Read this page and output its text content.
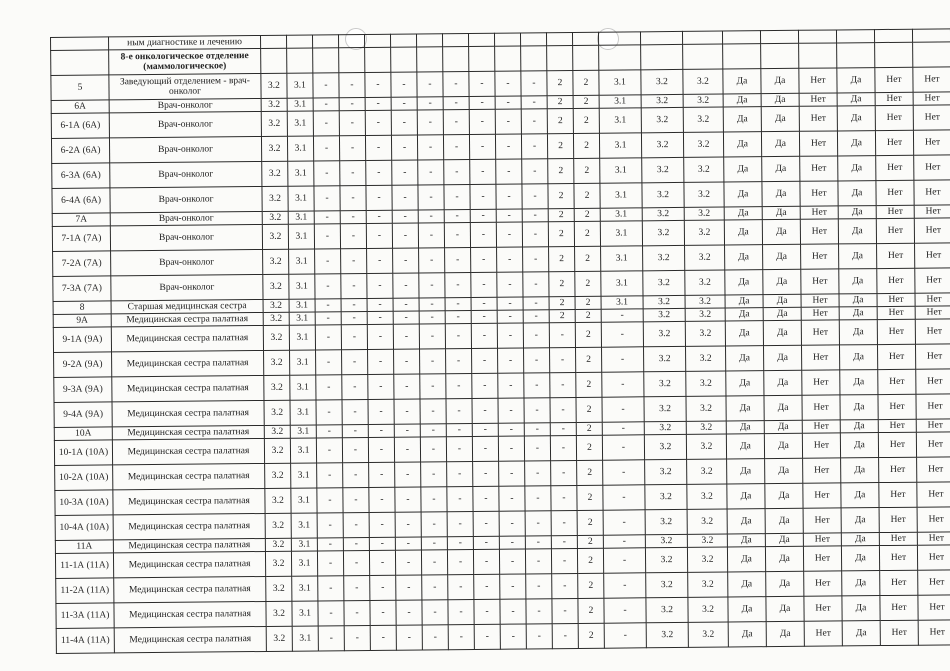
	ным диагностике и лечению																						
	8-е онкологическое отделение (маммологическое)																						
5	Заведующий отделением - врач-онколог	3.2	3.1	-	-	-	-	-	-	-	-	-	2	2	3.1	3.2	3.2	Да	Да	Нет	Да	Нет	Нет
6А	Врач-онколог	3.2	3.1	-	-	-	-	-	-	-	-	-	2	2	3.1	3.2	3.2	Да	Да	Нет	Да	Нет	Нет
6-1А (6А)	Врач-онколог	3.2	3.1	-	-	-	-	-	-	-	-	-	2	2	3.1	3.2	3.2	Да	Да	Нет	Да	Нет	Нет
6-2А (6А)	Врач-онколог	3.2	3.1	-	-	-	-	-	-	-	-	-	2	2	3.1	3.2	3.2	Да	Да	Нет	Да	Нет	Нет
6-3А (6А)	Врач-онколог	3.2	3.1	-	-	-	-	-	-	-	-	-	2	2	3.1	3.2	3.2	Да	Да	Нет	Да	Нет	Нет
6-4А (6А)	Врач-онколог	3.2	3.1	-	-	-	-	-	-	-	-	-	2	2	3.1	3.2	3.2	Да	Да	Нет	Да	Нет	Нет
7А	Врач-онколог	3.2	3.1	-	-	-	-	-	-	-	-	-	2	2	3.1	3.2	3.2	Да	Да	Нет	Да	Нет	Нет
7-1А (7А)	Врач-онколог	3.2	3.1	-	-	-	-	-	-	-	-	-	2	2	3.1	3.2	3.2	Да	Да	Нет	Да	Нет	Нет
7-2А (7А)	Врач-онколог	3.2	3.1	-	-	-	-	-	-	-	-	-	2	2	3.1	3.2	3.2	Да	Да	Нет	Да	Нет	Нет
7-3А (7А)	Врач-онколог	3.2	3.1	-	-	-	-	-	-	-	-	-	2	2	3.1	3.2	3.2	Да	Да	Нет	Да	Нет	Нет
8	Старшая медицинская сестра	3.2	3.1	-	-	-	-	-	-	-	-	-	2	2	3.1	3.2	3.2	Да	Да	Нет	Да	Нет	Нет
9А	Медицинская сестра палатная	3.2	3.1	-	-	-	-	-	-	-	-	-	2	2	-	3.2	3.2	Да	Да	Нет	Да	Нет	Нет
9-1А (9А)	Медицинская сестра палатная	3.2	3.1	-	-	-	-	-	-	-	-	-	-	2	-	3.2	3.2	Да	Да	Нет	Да	Нет	Нет
9-2А (9А)	Медицинская сестра палатная	3.2	3.1	-	-	-	-	-	-	-	-	-	-	2	-	3.2	3.2	Да	Да	Нет	Да	Нет	Нет
9-3А (9А)	Медицинская сестра палатная	3.2	3.1	-	-	-	-	-	-	-	-	-	-	2	-	3.2	3.2	Да	Да	Нет	Да	Нет	Нет
9-4А (9А)	Медицинская сестра палатная	3.2	3.1	-	-	-	-	-	-	-	-	-	-	2	-	3.2	3.2	Да	Да	Нет	Да	Нет	Нет
10А	Медицинская сестра палатная	3.2	3.1	-	-	-	-	-	-	-	-	-	-	2	-	3.2	3.2	Да	Да	Нет	Да	Нет	Нет
10-1А (10А)	Медицинская сестра палатная	3.2	3.1	-	-	-	-	-	-	-	-	-	-	2	-	3.2	3.2	Да	Да	Нет	Да	Нет	Нет
10-2А (10А)	Медицинская сестра палатная	3.2	3.1	-	-	-	-	-	-	-	-	-	-	2	-	3.2	3.2	Да	Да	Нет	Да	Нет	Нет
10-3А (10А)	Медицинская сестра палатная	3.2	3.1	-	-	-	-	-	-	-	-	-	-	2	-	3.2	3.2	Да	Да	Нет	Да	Нет	Нет
10-4А (10А)	Медицинская сестра палатная	3.2	3.1	-	-	-	-	-	-	-	-	-	-	2	-	3.2	3.2	Да	Да	Нет	Да	Нет	Нет
11А	Медицинская сестра палатная	3.2	3.1	-	-	-	-	-	-	-	-	-	-	2	-	3.2	3.2	Да	Да	Нет	Да	Нет	Нет
11-1А (11А)	Медицинская сестра палатная	3.2	3.1	-	-	-	-	-	-	-	-	-	-	2	-	3.2	3.2	Да	Да	Нет	Да	Нет	Нет
11-2А (11А)	Медицинская сестра палатная	3.2	3.1	-	-	-	-	-	-	-	-	-	-	2	-	3.2	3.2	Да	Да	Нет	Да	Нет	Нет
11-3А (11А)	Медицинская сестра палатная	3.2	3.1	-	-	-	-	-	-	-	-	-	-	2	-	3.2	3.2	Да	Да	Нет	Да	Нет	Нет
11-4А (11А)	Медицинская сестра палатная	3.2	3.1	-	-	-	-	-	-	-	-	-	-	2	-	3.2	3.2	Да	Да	Нет	Да	Нет	Нет
